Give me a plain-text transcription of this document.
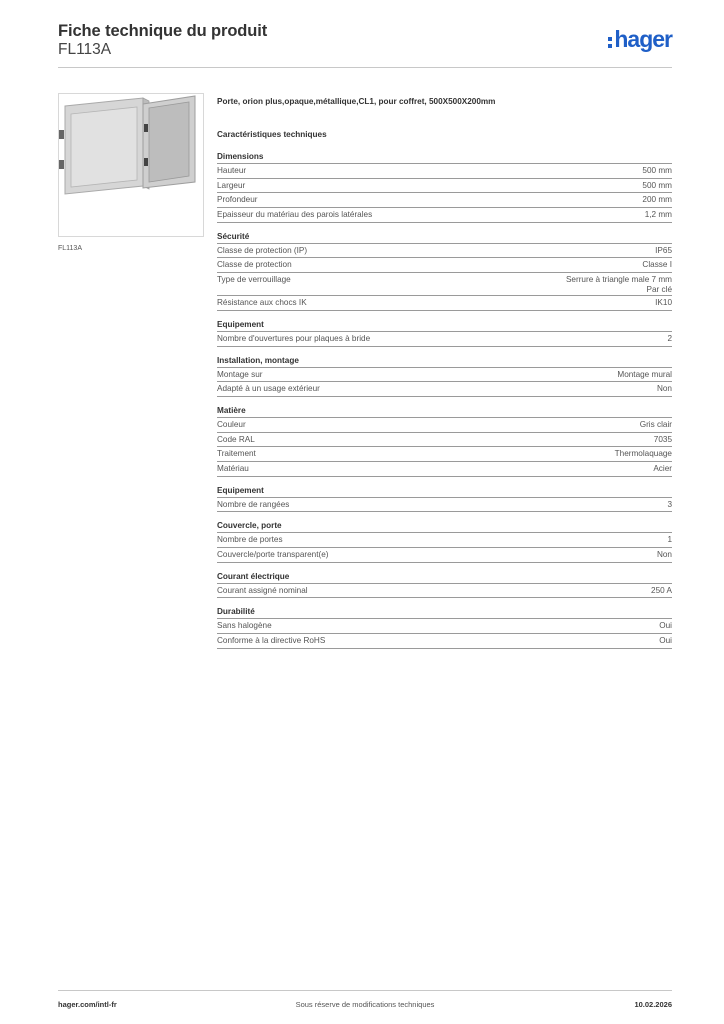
Fiche technique du produit
FL113A	hager
FL113A
Porte, orion plus,opaque,métallique,CL1, pour coffret, 500X500X200mm
Caractéristiques techniques
Dimensions
Hauteur	500 mm
Largeur	500 mm
Profondeur	200 mm
Epaisseur du matériau des parois latérales	1,2 mm
Sécurité
Classe de protection (IP)	IP65
Classe de protection	Classe I
Type de verrouillage	Serrure à triangle male 7 mm
Par clé
Résistance aux chocs IK	IK10
Equipement
Nombre d'ouvertures pour plaques à bride	2
Installation, montage
Montage sur	Montage mural
Adapté à un usage extérieur	Non
Matière
Couleur	Gris clair
Code RAL	7035
Traitement	Thermolaquage
Matériau	Acier
Equipement
Nombre de rangées	3
Couvercle, porte
Nombre de portes	1
Couvercle/porte transparent(e)	Non
Courant électrique
Courant assigné nominal	250 A
Durabilité
Sans halogène	Oui
Conforme à la directive RoHS	Oui
hager.com/intl-fr	Sous réserve de modifications techniques	10.02.2026
